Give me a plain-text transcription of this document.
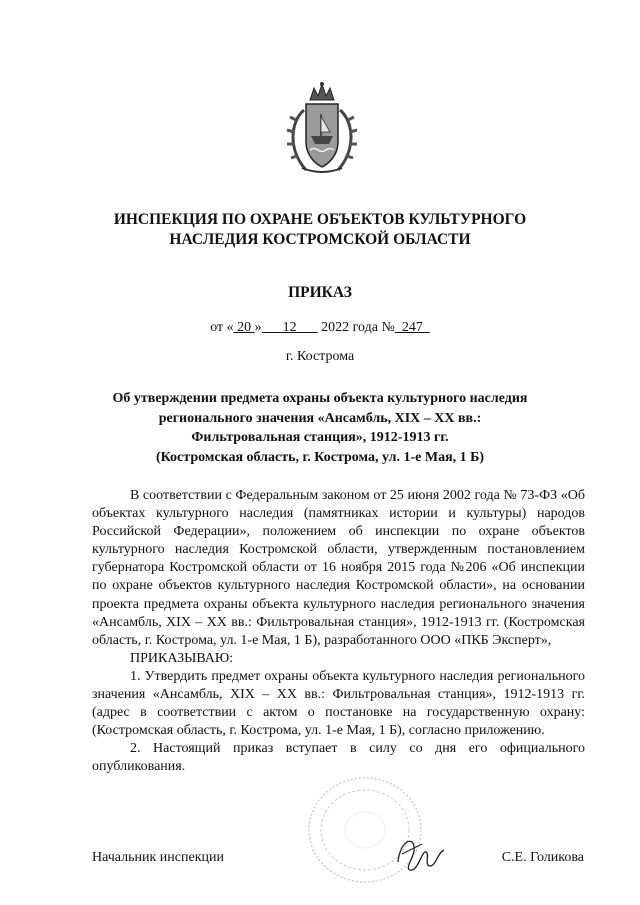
ИНСПЕКЦИЯ ПО ОХРАНЕ ОБЪЕКТОВ КУЛЬТУРНОГО
НАСЛЕДИЯ КОСТРОМСКОЙ ОБЛАСТИ
ПРИКАЗ
от « 20 »      12       2022 года №  247
г. Кострома
Об утверждении предмета охраны объекта культурного наследия
регионального значения «Ансамбль, XIX – XX вв.:
Фильтровальная станция», 1912-1913 гг.
(Костромская область, г. Кострома, ул. 1-е Мая, 1 Б)

В соответствии с Федеральным законом от 25 июня 2002 года № 73-ФЗ «Об объектах культурного наследия (памятниках истории и культуры) народов Российской Федерации», положением об инспекции по охране объектов культурного наследия Костромской области, утвержденным постановлением губернатора Костромской области от 16 ноября 2015 года №206 «Об инспекции по охране объектов культурного наследия Костромской области», на основании проекта предмета охраны объекта культурного наследия регионального значения «Ансамбль, XIX – XX вв.: Фильтровальная станция», 1912-1913 гг. (Костромская область, г. Кострома, ул. 1-е Мая, 1 Б), разработанного ООО «ПКБ Эксперт»,

ПРИКАЗЫВАЮ:

1. Утвердить предмет охраны объекта культурного наследия регионального значения «Ансамбль, XIX – XX вв.: Фильтровальная станция», 1912-1913 гг. (адрес в соответствии с актом о постановке на государственную охрану: (Костромская область, г. Кострома, ул. 1-е Мая, 1 Б), согласно приложению.

2. Настоящий приказ вступает в силу со дня его официального опубликования.

Начальник инспекции	С.Е. Голикова
